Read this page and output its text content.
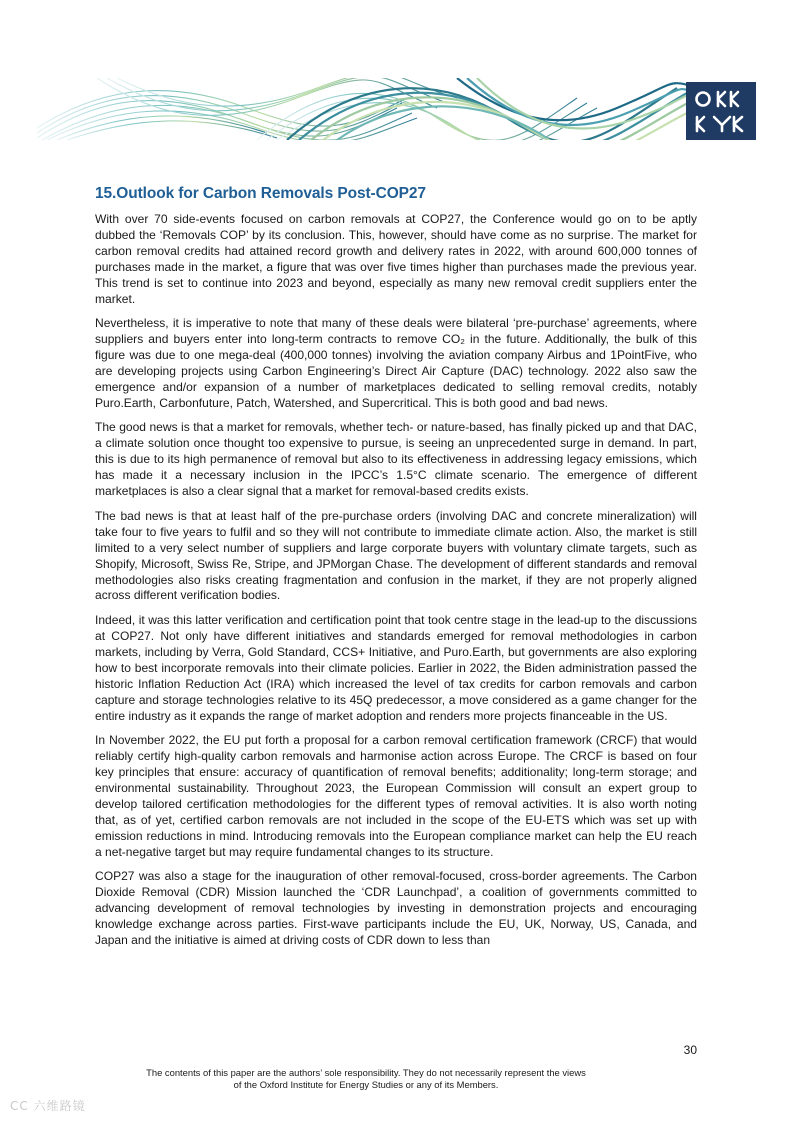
15.Outlook for Carbon Removals Post-COP27

With over 70 side-events focused on carbon removals at COP27, the Conference would go on to be aptly dubbed the ‘Removals COP’ by its conclusion. This, however, should have come as no surprise. The market for carbon removal credits had attained record growth and delivery rates in 2022, with around 600,000 tonnes of purchases made in the market, a figure that was over five times higher than purchases made the previous year. This trend is set to continue into 2023 and beyond, especially as many new removal credit suppliers enter the market.

Nevertheless, it is imperative to note that many of these deals were bilateral ‘pre-purchase’ agreements, where suppliers and buyers enter into long-term contracts to remove CO₂ in the future. Additionally, the bulk of this figure was due to one mega-deal (400,000 tonnes) involving the aviation company Airbus and 1PointFive, who are developing projects using Carbon Engineering’s Direct Air Capture (DAC) technology. 2022 also saw the emergence and/or expansion of a number of marketplaces dedicated to selling removal credits, notably Puro.Earth, Carbonfuture, Patch, Watershed, and Supercritical. This is both good and bad news.

The good news is that a market for removals, whether tech- or nature-based, has finally picked up and that DAC, a climate solution once thought too expensive to pursue, is seeing an unprecedented surge in demand. In part, this is due to its high permanence of removal but also to its effectiveness in addressing legacy emissions, which has made it a necessary inclusion in the IPCC’s 1.5°C climate scenario. The emergence of different marketplaces is also a clear signal that a market for removal-based credits exists.

The bad news is that at least half of the pre-purchase orders (involving DAC and concrete mineralization) will take four to five years to fulfil and so they will not contribute to immediate climate action. Also, the market is still limited to a very select number of suppliers and large corporate buyers with voluntary climate targets, such as Shopify, Microsoft, Swiss Re, Stripe, and JPMorgan Chase. The development of different standards and removal methodologies also risks creating fragmentation and confusion in the market, if they are not properly aligned across different verification bodies.

Indeed, it was this latter verification and certification point that took centre stage in the lead-up to the discussions at COP27. Not only have different initiatives and standards emerged for removal methodologies in carbon markets, including by Verra, Gold Standard, CCS+ Initiative, and Puro.Earth, but governments are also exploring how to best incorporate removals into their climate policies. Earlier in 2022, the Biden administration passed the historic Inflation Reduction Act (IRA) which increased the level of tax credits for carbon removals and carbon capture and storage technologies relative to its 45Q predecessor, a move considered as a game changer for the entire industry as it expands the range of market adoption and renders more projects financeable in the US.

In November 2022, the EU put forth a proposal for a carbon removal certification framework (CRCF) that would reliably certify high-quality carbon removals and harmonise action across Europe. The CRCF is based on four key principles that ensure: accuracy of quantification of removal benefits; additionality; long-term storage; and environmental sustainability. Throughout 2023, the European Commission will consult an expert group to develop tailored certification methodologies for the different types of removal activities. It is also worth noting that, as of yet, certified carbon removals are not included in the scope of the EU-ETS which was set up with emission reductions in mind. Introducing removals into the European compliance market can help the EU reach a net-negative target but may require fundamental changes to its structure.

COP27 was also a stage for the inauguration of other removal-focused, cross-border agreements. The Carbon Dioxide Removal (CDR) Mission launched the ‘CDR Launchpad’, a coalition of governments committed to advancing development of removal technologies by investing in demonstration projects and encouraging knowledge exchange across parties. First-wave participants include the EU, UK, Norway, US, Canada, and Japan and the initiative is aimed at driving costs of CDR down to less than

30
The contents of this paper are the authors’ sole responsibility. They do not necessarily represent the views
of the Oxford Institute for Energy Studies or any of its Members.
CC 六维路镜
